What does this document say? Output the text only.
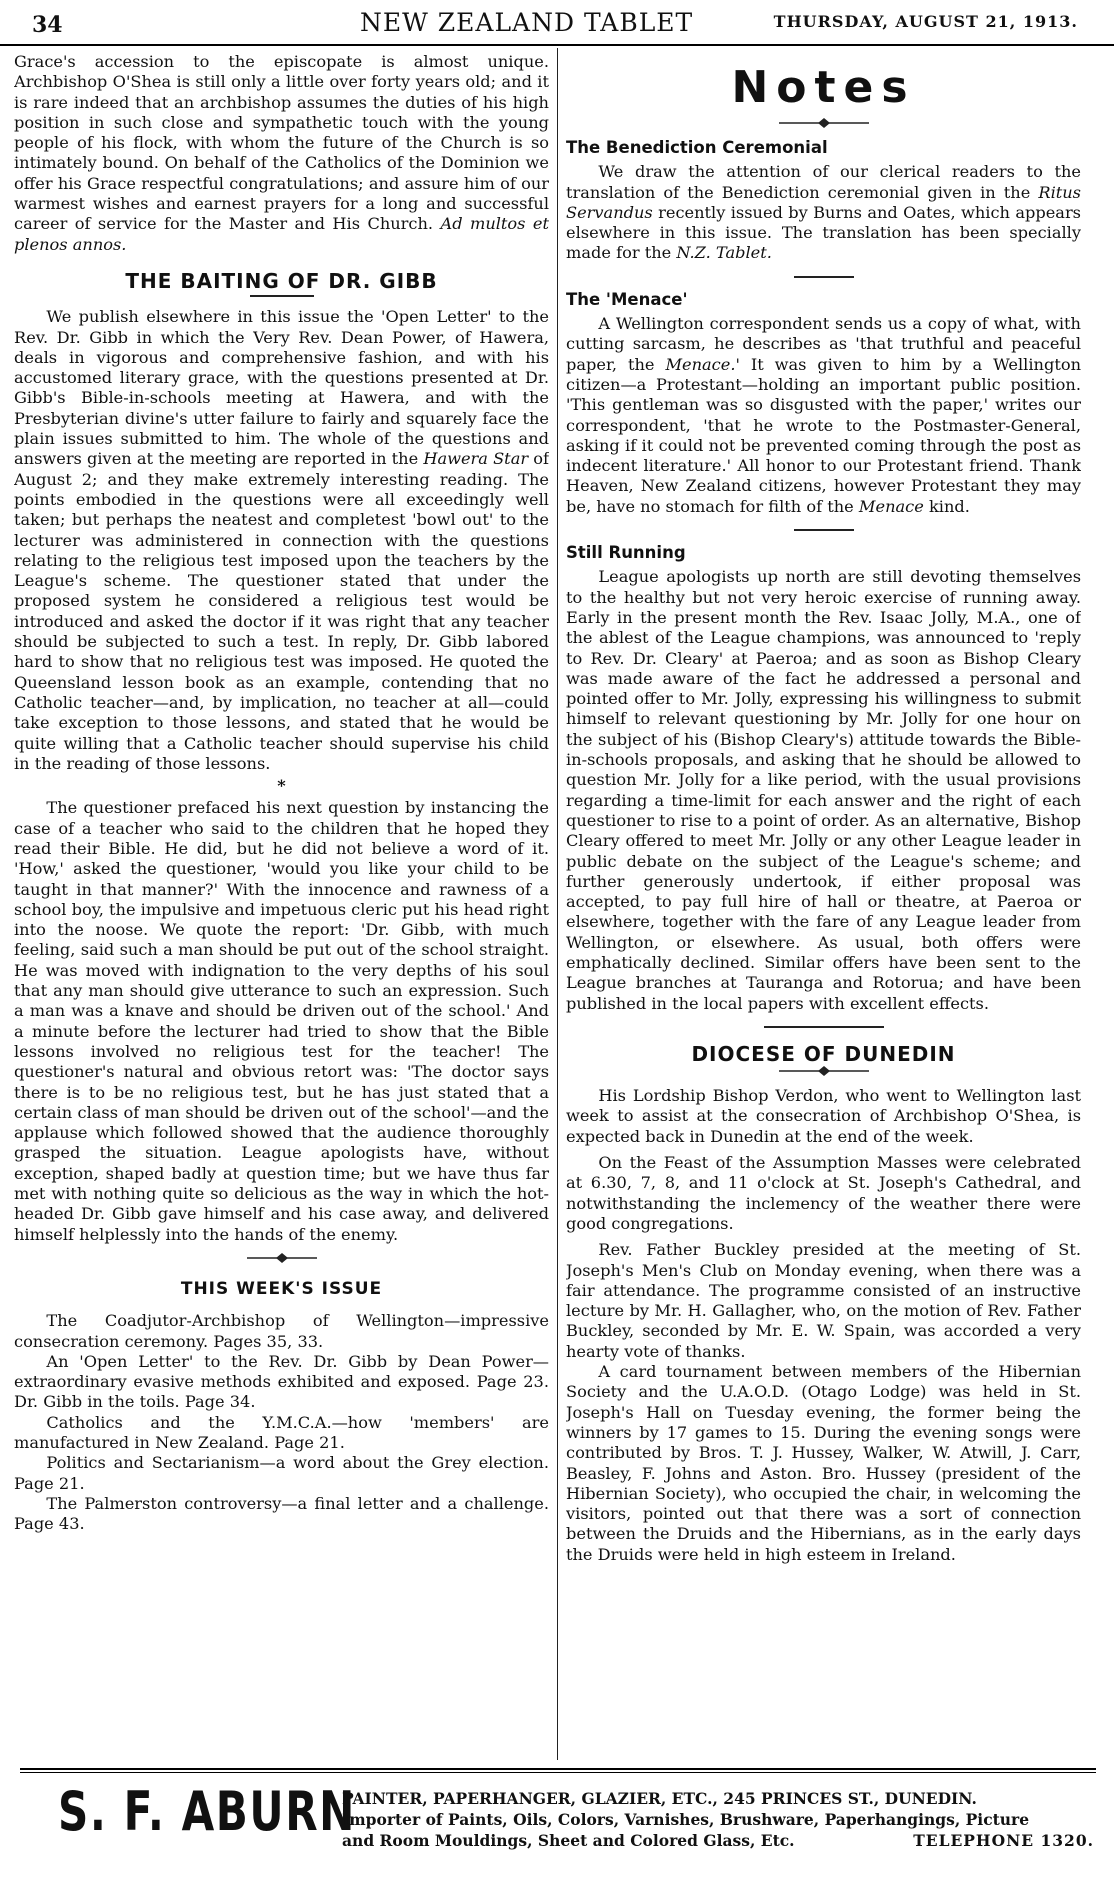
34	NEW ZEALAND TABLET	THURSDAY, AUGUST 21, 1913.

Grace's accession to the episcopate is almost unique. Archbishop O'Shea is still only a little over forty years old; and it is rare indeed that an archbishop assumes the duties of his high position in such close and sympathetic touch with the young people of his flock, with whom the future of the Church is so intimately bound. On behalf of the Catholics of the Dominion we offer his Grace respectful congratulations; and assure him of our warmest wishes and earnest prayers for a long and successful career of service for the Master and His Church. Ad multos et plenos annos.

THE BAITING OF DR. GIBB

We publish elsewhere in this issue the 'Open Letter' to the Rev. Dr. Gibb in which the Very Rev. Dean Power, of Hawera, deals in vigorous and comprehensive fashion, and with his accustomed literary grace, with the questions presented at Dr. Gibb's Bible-in-schools meeting at Hawera, and with the Presbyterian divine's utter failure to fairly and squarely face the plain issues submitted to him. The whole of the questions and answers given at the meeting are reported in the Hawera Star of August 2; and they make extremely interesting reading. The points embodied in the questions were all exceedingly well taken; but perhaps the neatest and completest 'bowl out' to the lecturer was administered in connection with the questions relating to the religious test imposed upon the teachers by the League's scheme. The questioner stated that under the proposed system he considered a religious test would be introduced and asked the doctor if it was right that any teacher should be subjected to such a test. In reply, Dr. Gibb labored hard to show that no religious test was imposed. He quoted the Queensland lesson book as an example, contending that no Catholic teacher—and, by implication, no teacher at all—could take exception to those lessons, and stated that he would be quite willing that a Catholic teacher should supervise his child in the reading of those lessons.

*

The questioner prefaced his next question by instancing the case of a teacher who said to the children that he hoped they read their Bible. He did, but he did not believe a word of it. 'How,' asked the questioner, 'would you like your child to be taught in that manner?' With the innocence and rawness of a school boy, the impulsive and impetuous cleric put his head right into the noose. We quote the report: 'Dr. Gibb, with much feeling, said such a man should be put out of the school straight. He was moved with indignation to the very depths of his soul that any man should give utterance to such an expression. Such a man was a knave and should be driven out of the school.' And a minute before the lecturer had tried to show that the Bible lessons involved no religious test for the teacher! The questioner's natural and obvious retort was: 'The doctor says there is to be no religious test, but he has just stated that a certain class of man should be driven out of the school'—and the applause which followed showed that the audience thoroughly grasped the situation. League apologists have, without exception, shaped badly at question time; but we have thus far met with nothing quite so delicious as the way in which the hot-headed Dr. Gibb gave himself and his case away, and delivered himself helplessly into the hands of the enemy.

THIS WEEK'S ISSUE

The Coadjutor-Archbishop of Wellington—impressive consecration ceremony. Pages 35, 33.

An 'Open Letter' to the Rev. Dr. Gibb by Dean Power—extraordinary evasive methods exhibited and exposed. Page 23. Dr. Gibb in the toils. Page 34.

Catholics and the Y.M.C.A.—how 'members' are manufactured in New Zealand. Page 21.

Politics and Sectarianism—a word about the Grey election. Page 21.

The Palmerston controversy—a final letter and a challenge. Page 43.

Notes
The Benediction Ceremonial

We draw the attention of our clerical readers to the translation of the Benediction ceremonial given in the Ritus Servandus recently issued by Burns and Oates, which appears elsewhere in this issue. The translation has been specially made for the N.Z. Tablet.

The 'Menace'

A Wellington correspondent sends us a copy of what, with cutting sarcasm, he describes as 'that truthful and peaceful paper, the Menace.' It was given to him by a Wellington citizen—a Protestant—holding an important public position. 'This gentleman was so disgusted with the paper,' writes our correspondent, 'that he wrote to the Postmaster-General, asking if it could not be prevented coming through the post as indecent literature.' All honor to our Protestant friend. Thank Heaven, New Zealand citizens, however Protestant they may be, have no stomach for filth of the Menace kind.

Still Running

League apologists up north are still devoting themselves to the healthy but not very heroic exercise of running away. Early in the present month the Rev. Isaac Jolly, M.A., one of the ablest of the League champions, was announced to 'reply to Rev. Dr. Cleary' at Paeroa; and as soon as Bishop Cleary was made aware of the fact he addressed a personal and pointed offer to Mr. Jolly, expressing his willingness to submit himself to relevant questioning by Mr. Jolly for one hour on the subject of his (Bishop Cleary's) attitude towards the Bible-in-schools proposals, and asking that he should be allowed to question Mr. Jolly for a like period, with the usual provisions regarding a time-limit for each answer and the right of each questioner to rise to a point of order. As an alternative, Bishop Cleary offered to meet Mr. Jolly or any other League leader in public debate on the subject of the League's scheme; and further generously undertook, if either proposal was accepted, to pay full hire of hall or theatre, at Paeroa or elsewhere, together with the fare of any League leader from Wellington, or elsewhere. As usual, both offers were emphatically declined. Similar offers have been sent to the League branches at Tauranga and Rotorua; and have been published in the local papers with excellent effects.

DIOCESE OF DUNEDIN

His Lordship Bishop Verdon, who went to Wellington last week to assist at the consecration of Archbishop O'Shea, is expected back in Dunedin at the end of the week.

On the Feast of the Assumption Masses were celebrated at 6.30, 7, 8, and 11 o'clock at St. Joseph's Cathedral, and notwithstanding the inclemency of the weather there were good congregations.

Rev. Father Buckley presided at the meeting of St. Joseph's Men's Club on Monday evening, when there was a fair attendance. The programme consisted of an instructive lecture by Mr. H. Gallagher, who, on the motion of Rev. Father Buckley, seconded by Mr. E. W. Spain, was accorded a very hearty vote of thanks.

A card tournament between members of the Hibernian Society and the U.A.O.D. (Otago Lodge) was held in St. Joseph's Hall on Tuesday evening, the former being the winners by 17 games to 15. During the evening songs were contributed by Bros. T. J. Hussey, Walker, W. Atwill, J. Carr, Beasley, F. Johns and Aston. Bro. Hussey (president of the Hibernian Society), who occupied the chair, in welcoming the visitors, pointed out that there was a sort of connection between the Druids and the Hibernians, as in the early days the Druids were held in high esteem in Ireland.

S. F. ABURN
PAINTER, PAPERHANGER, GLAZIER, ETC., 245 PRINCES ST., DUNEDIN.
Importer of Paints, Oils, Colors, Varnishes, Brushware, Paperhangings, Picture
and Room Mouldings, Sheet and Colored Glass, Etc.	TELEPHONE 1320.
